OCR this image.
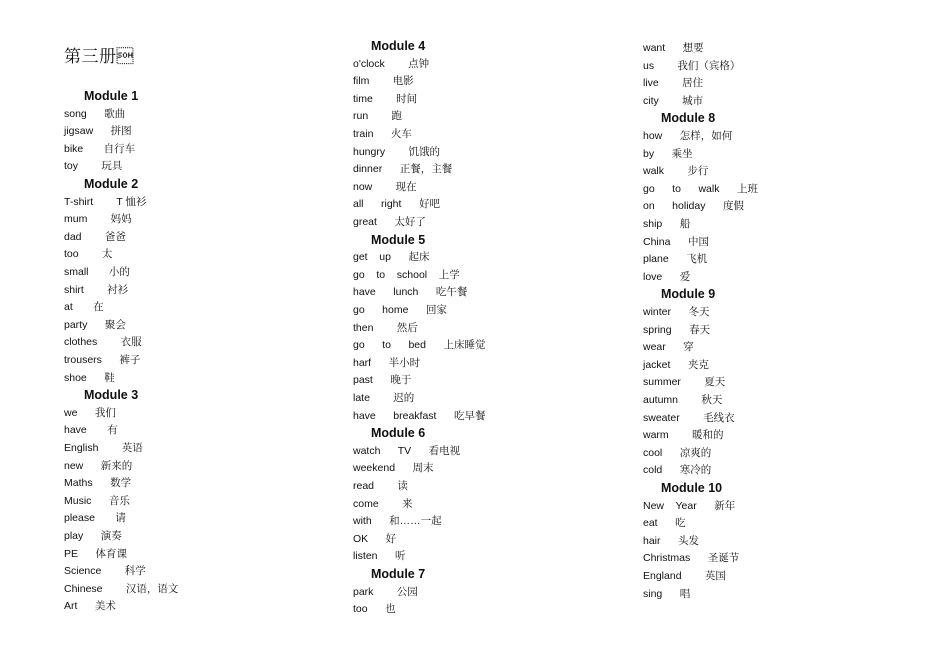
第三册
Module 1
song      歌曲
jigsaw      拼图
bike       自行车
toy        玩具
Module 2
T-shirt        T 恤衫
mum        妈妈
dad        爸爸
too        太
small       小的
shirt        衬衫
at       在
party      聚会
clothes        衣服
trousers      裤子
shoe      鞋
Module 3
we      我们
have       有
English        英语
new      新来的
Maths      数学
Music      音乐
please       请
play      演奏
PE      体育课
Science        科学
Chinese        汉语，语文
Art      美术
Module 4
o'clock        点钟
film        电影
time        时间
run        跑
train      火车
hungry        饥饿的
dinner      正餐，主餐
now        现在
all      right      好吧
great      太好了
Module 5
get    up      起床
go    to    school    上学
have      lunch      吃午餐
go      home      回家
then        然后
go      to      bed      上床睡觉
harf      半小时
past      晚于
late        迟的
have      breakfast      吃早餐
Module 6
watch      TV      看电视
weekend      周末
read        读
come        来
with      和……一起
OK      好
listen      听
Module 7
park        公园
too      也
want      想要
us        我们（宾格）
live        居住
city        城市
Module 8
how      怎样，如何
by      乘坐
walk        步行
go      to      walk      上班
on      holiday      度假
ship      船
China      中国
plane      飞机
love      爱
Module 9
winter      冬天
spring      春天
wear      穿
jacket      夹克
summer        夏天
autumn        秋天
sweater        毛线衣
warm        暖和的
cool      凉爽的
cold      寒冷的
Module 10
New    Year      新年
eat      吃
hair      头发
Christmas      圣诞节
England        英国
sing      唱
